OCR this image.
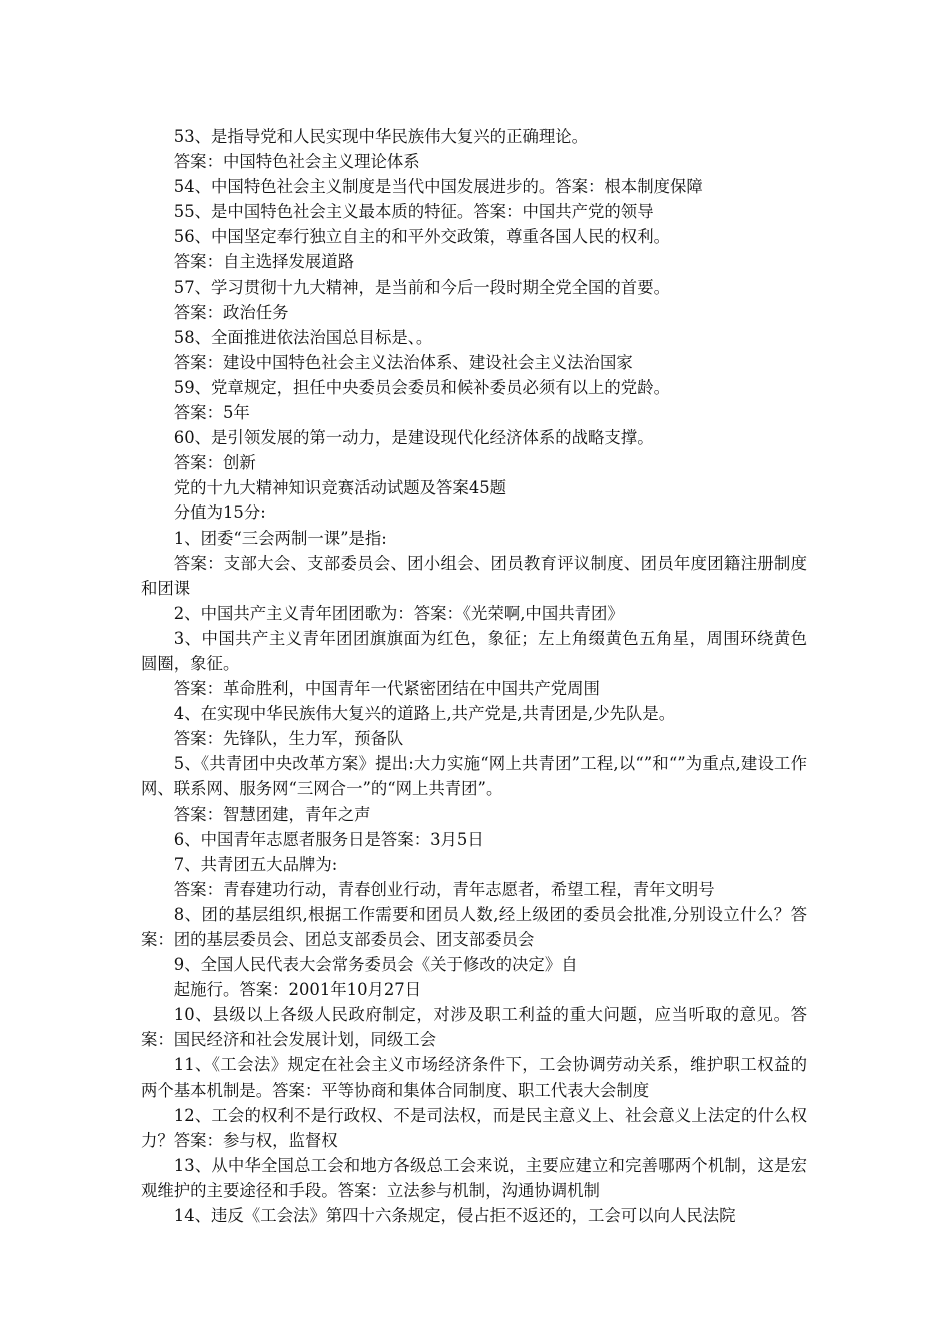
53、是指导党和人民实现中华民族伟大复兴的正确理论。

答案：中国特色社会主义理论体系

54、中国特色社会主义制度是当代中国发展进步的。答案：根本制度保障

55、是中国特色社会主义最本质的特征。答案：中国共产党的领导

56、中国坚定奉行独立自主的和平外交政策，尊重各国人民的权利。

答案：自主选择发展道路

57、学习贯彻十九大精神，是当前和今后一段时期全党全国的首要。

答案：政治任务

58、全面推进依法治国总目标是、。

答案：建设中国特色社会主义法治体系、建设社会主义法治国家

59、党章规定，担任中央委员会委员和候补委员必须有以上的党龄。

答案：5年

60、是引领发展的第一动力，是建设现代化经济体系的战略支撑。

答案：创新

党的十九大精神知识竞赛活动试题及答案45题

分值为15分:

1、团委“三会两制一课”是指:

答案：支部大会、支部委员会、团小组会、团员教育评议制度、团员年度团籍注册制度和团课

2、中国共产主义青年团团歌为：答案：《光荣啊,中国共青团》

3、中国共产主义青年团团旗旗面为红色，象征；左上角缀黄色五角星，周围环绕黄色圆圈，象征。

答案：革命胜利，中国青年一代紧密团结在中国共产党周围

4、在实现中华民族伟大复兴的道路上,共产党是,共青团是,少先队是。

答案：先锋队，生力军，预备队

5、《共青团中央改革方案》提出:大力实施“网上共青团”工程,以“”和“”为重点,建设工作网、联系网、服务网“三网合一”的“网上共青团”。

答案：智慧团建，青年之声

6、中国青年志愿者服务日是答案：3月5日

7、共青团五大品牌为:

答案：青春建功行动，青春创业行动，青年志愿者，希望工程，青年文明号

8、团的基层组织,根据工作需要和团员人数,经上级团的委员会批准,分别设立什么？答案：团的基层委员会、团总支部委员会、团支部委员会

9、全国人民代表大会常务委员会《关于修改的决定》自

起施行。答案：2001年10月27日

10、县级以上各级人民政府制定，对涉及职工利益的重大问题，应当听取的意见。答案：国民经济和社会发展计划，同级工会

11、《工会法》规定在社会主义市场经济条件下，工会协调劳动关系，维护职工权益的两个基本机制是。答案：平等协商和集体合同制度、职工代表大会制度

12、工会的权利不是行政权、不是司法权，而是民主意义上、社会意义上法定的什么权力？答案：参与权，监督权

13、从中华全国总工会和地方各级总工会来说，主要应建立和完善哪两个机制，这是宏观维护的主要途径和手段。答案：立法参与机制，沟通协调机制

14、违反《工会法》第四十六条规定，侵占拒不返还的，工会可以向人民法院
